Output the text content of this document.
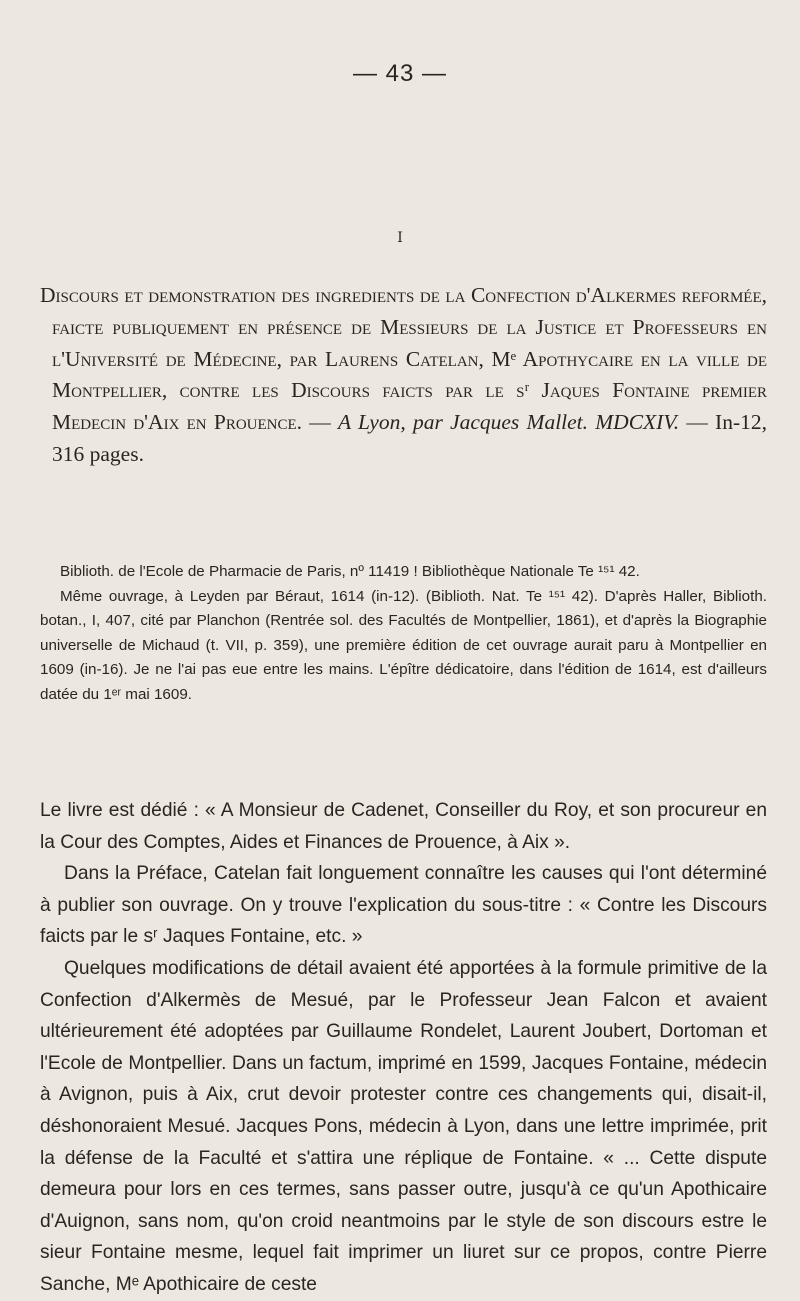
— 43 —
I
Discours et demonstration des ingredients de la Confection d'Alkermes reformée, faicte publiquement en présence de Messieurs de la Justice et Professeurs en l'Université de Médecine, par Laurens Catelan, Mᵉ Apothycaire en la ville de Montpellier, contre les Discours faicts par le sʳ Jaques Fontaine premier Medecin d'Aix en Prouence. — A Lyon, par Jacques Mallet. MDCXIV. — In-12, 316 pages.

Biblioth. de l'Ecole de Pharmacie de Paris, nº 11419 ! Bibliothèque Nationale Te ¹⁵¹ 42.

Même ouvrage, à Leyden par Béraut, 1614 (in-12). (Biblioth. Nat. Te ¹⁵¹ 42). D'après Haller, Biblioth. botan., I, 407, cité par Planchon (Rentrée sol. des Facultés de Montpellier, 1861), et d'après la Biographie universelle de Michaud (t. VII, p. 359), une première édition de cet ouvrage aurait paru à Montpellier en 1609 (in-16). Je ne l'ai pas eue entre les mains. L'épître dédicatoire, dans l'édition de 1614, est d'ailleurs datée du 1ᵉʳ mai 1609.

Le livre est dédié : « A Monsieur de Cadenet, Conseiller du Roy, et son procureur en la Cour des Comptes, Aides et Finances de Prouence, à Aix ».

Dans la Préface, Catelan fait longuement connaître les causes qui l'ont déterminé à publier son ouvrage. On y trouve l'explication du sous-titre : « Contre les Discours faicts par le sʳ Jaques Fontaine, etc. »

Quelques modifications de détail avaient été apportées à la formule primitive de la Confection d'Alkermès de Mesué, par le Professeur Jean Falcon et avaient ultérieurement été adoptées par Guillaume Rondelet, Laurent Joubert, Dortoman et l'Ecole de Montpellier. Dans un factum, imprimé en 1599, Jacques Fontaine, médecin à Avignon, puis à Aix, crut devoir protester contre ces changements qui, disait-il, déshonoraient Mesué. Jacques Pons, médecin à Lyon, dans une lettre imprimée, prit la défense de la Faculté et s'attira une réplique de Fontaine. « ... Cette dispute demeura pour lors en ces termes, sans passer outre, jusqu'à ce qu'un Apothicaire d'Auignon, sans nom, qu'on croid neantmoins par le style de son discours estre le sieur Fontaine mesme, lequel fait imprimer un liuret sur ce propos, contre Pierre Sanche, Mᵉ Apothicaire de ceste
